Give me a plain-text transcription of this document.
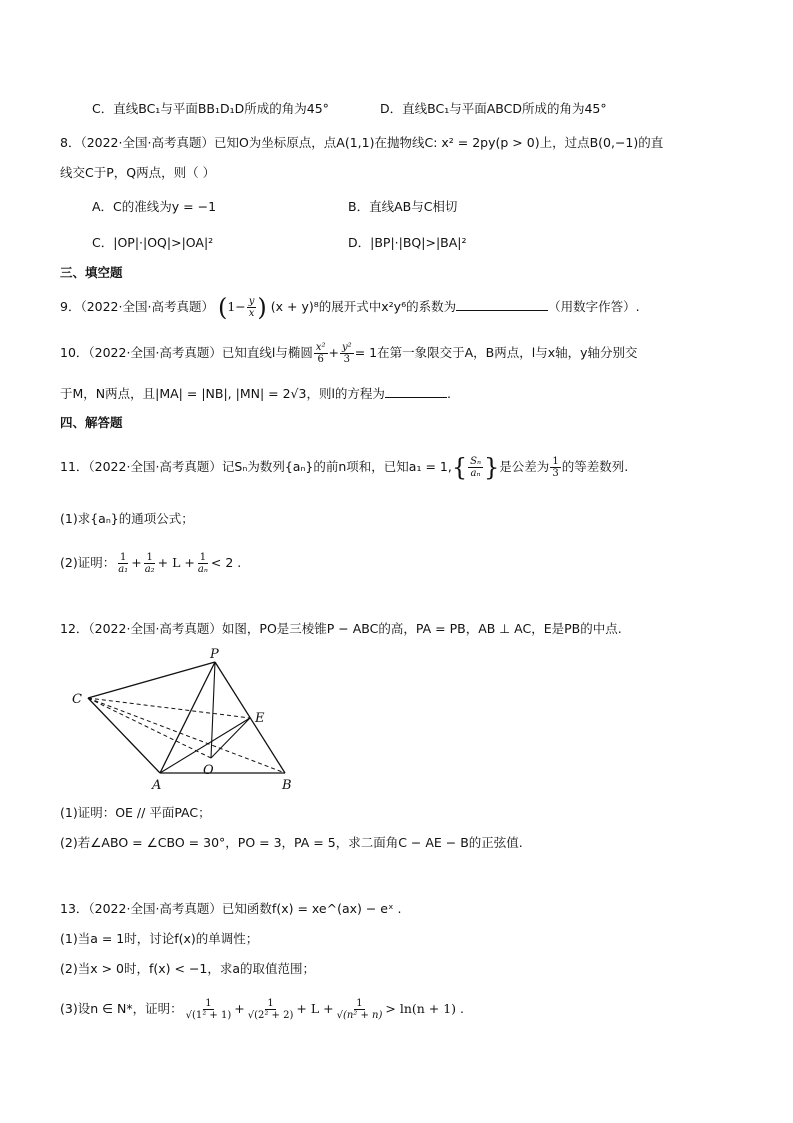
C．直线BC₁与平面BB₁D₁D所成的角为45°	D．直线BC₁与平面ABCD所成的角为45°
8．（2022·全国·高考真题）已知O为坐标原点，点A(1,1)在抛物线C: x² = 2py(p > 0)上，过点B(0,−1)的直
线交C于P，Q两点，则（ ）
A．C的准线为y = −1	B．直线AB与C相切
C．|OP|·|OQ|>|OA|²	D．|BP|·|BQ|>|BA|²
三、填空题
9．（2022·全国·高考真题） ($1- \frac{y}{x}$ ) (x + y)⁸的展开式中x²y⁶的系数为	（用数字作答）.
10．（2022·全国·高考真题）已知直线l与椭圆 $\frac{\text{x²}}{6} + \frac{\text{y²}}{3} = 1$在第一象限交于A，B两点，l与x轴，y轴分别交
于M，N两点，且|MA| = |NB|, |MN| = 2√3，则l的方程为	.
四、解答题
11．（2022·全国·高考真题）记Sₙ为数列{aₙ}的前n项和，已知$a_1 = 1,\{ \frac{\text{Sₙ}}{\text{aₙ}}$ }是公差为 $\frac{1}{3}$ 的等差数列.
(1)求{aₙ}的通项公式；
(2)证明： $\frac{1}{\text{a₁}} + \frac{1}{\text{a₂}} + L + \frac{1}{\text{aₙ}} < 2$ .
12．（2022·全国·高考真题）如图，PO是三棱锥P − ABC的高，PA = PB，AB ⊥ AC，E是PB的中点.
P
C
E
O
A	B
(1)证明：OE // 平面PAC；
(2)若∠ABO = ∠CBO = 30°，PO = 3，PA = 5，求二面角C − AE − B的正弦值.
13．（2022·全国·高考真题）已知函数f(x) = xe^(ax) − eˣ .
(1)当a = 1时，讨论f(x)的单调性；
(2)当x > 0时，f(x) < −1，求a的取值范围；
(3)设n ∈ N*，证明： $\frac{1}{\text{√(1² + 1)}} + \frac{1}{\text{√(2² + 2)}} + L + \frac{1}{\text{√(n² + n)}} > \ln(n + 1)$ .
